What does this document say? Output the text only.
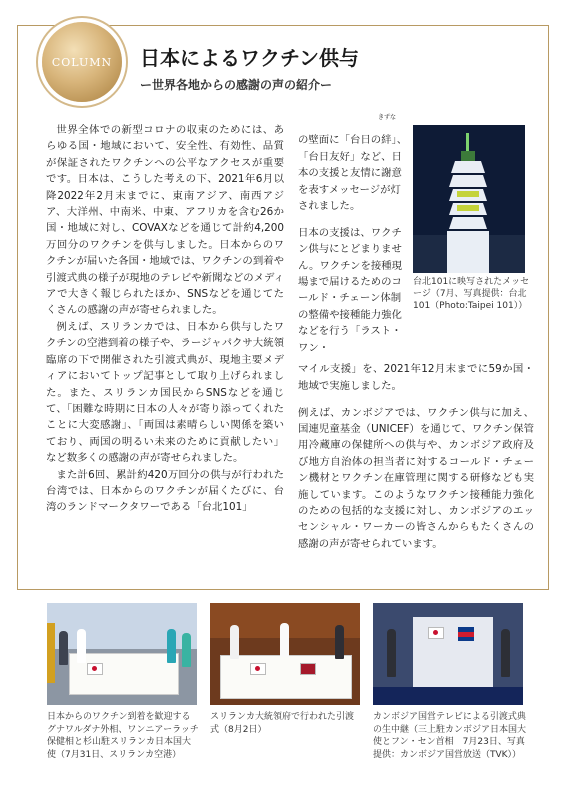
COLUMN 日本によるワクチン供与
ー世界各地からの感謝の声の紹介ー

世界全体での新型コロナの収束のためには、あらゆる国・地域において、安全性、有効性、品質が保証されたワクチンへの公平なアクセスが重要です。日本は、こうした考えの下、2021年6月以降2022年2月末までに、東南アジア、南西アジア、大洋州、中南米、中東、アフリカを含む26か国・地域に対し、COVAXなどを通じて計約4,200万回分のワクチンを供与しました。日本からのワクチンが届いた各国・地域では、ワクチンの到着や引渡式典の様子が現地のテレビや新聞などのメディアで大きく報じられたほか、SNSなどを通じてたくさんの感謝の声が寄せられました。

例えば、スリランカでは、日本から供与したワクチンの空港到着の様子や、ラージャパクサ大統領臨席の下で開催された引渡式典が、現地主要メディアにおいてトップ記事として取り上げられました。また、スリランカ国民からSNSなどを通じて、「困難な時期に日本の人々が寄り添ってくれたことに大変感謝」、「両国は素晴らしい関係を築いており、両国の明るい未来のために貢献したい」など数多くの感謝の声が寄せられました。

また計6回、累計約420万回分の供与が行われた台湾では、日本からのワクチンが届くたびに、台湾のランドマークタワーである「台北101」

きずな

の壁面に「台日の絆」、「台日友好」など、日本の支援と友情に謝意を表すメッセージが灯されました。

日本の支援は、ワクチン供与にとどまりません。ワクチンを接種現場まで届けるためのコールド・チェーン体制の整備や接種能力強化などを行う「ラスト・ワン・

マイル支援」を、2021年12月末までに59か国・地域で実施しました。

例えば、カンボジアでは、ワクチン供与に加え、国連児童基金（UNICEF）を通じて、ワクチン保管用冷蔵庫の保健所への供与や、カンボジア政府及び地方自治体の担当者に対するコールド・チェーン機材とワクチン在庫管理に関する研修なども実施しています。このようなワクチン接種能力強化のための包括的な支援に対し、カンボジアのエッセンシャル・ワーカーの皆さんからもたくさんの感謝の声が寄せられています。

台北101に映写されたメッセージ（7月、写真提供：台北101（Photo:Taipei 101））
日本からのワクチン到着を歓迎するグナワルダナ外相、ワンニアーラッチ保健相と杉山駐スリランカ日本国大使（7月31日、スリランカ空港）
スリランカ大統領府で行われた引渡式（8月2日）
カンボジア国営テレビによる引渡式典の生中継（三上駐カンボジア日本国大使とフン・セン首相　7月23日、写真提供：カンボジア国営放送（TVK））
